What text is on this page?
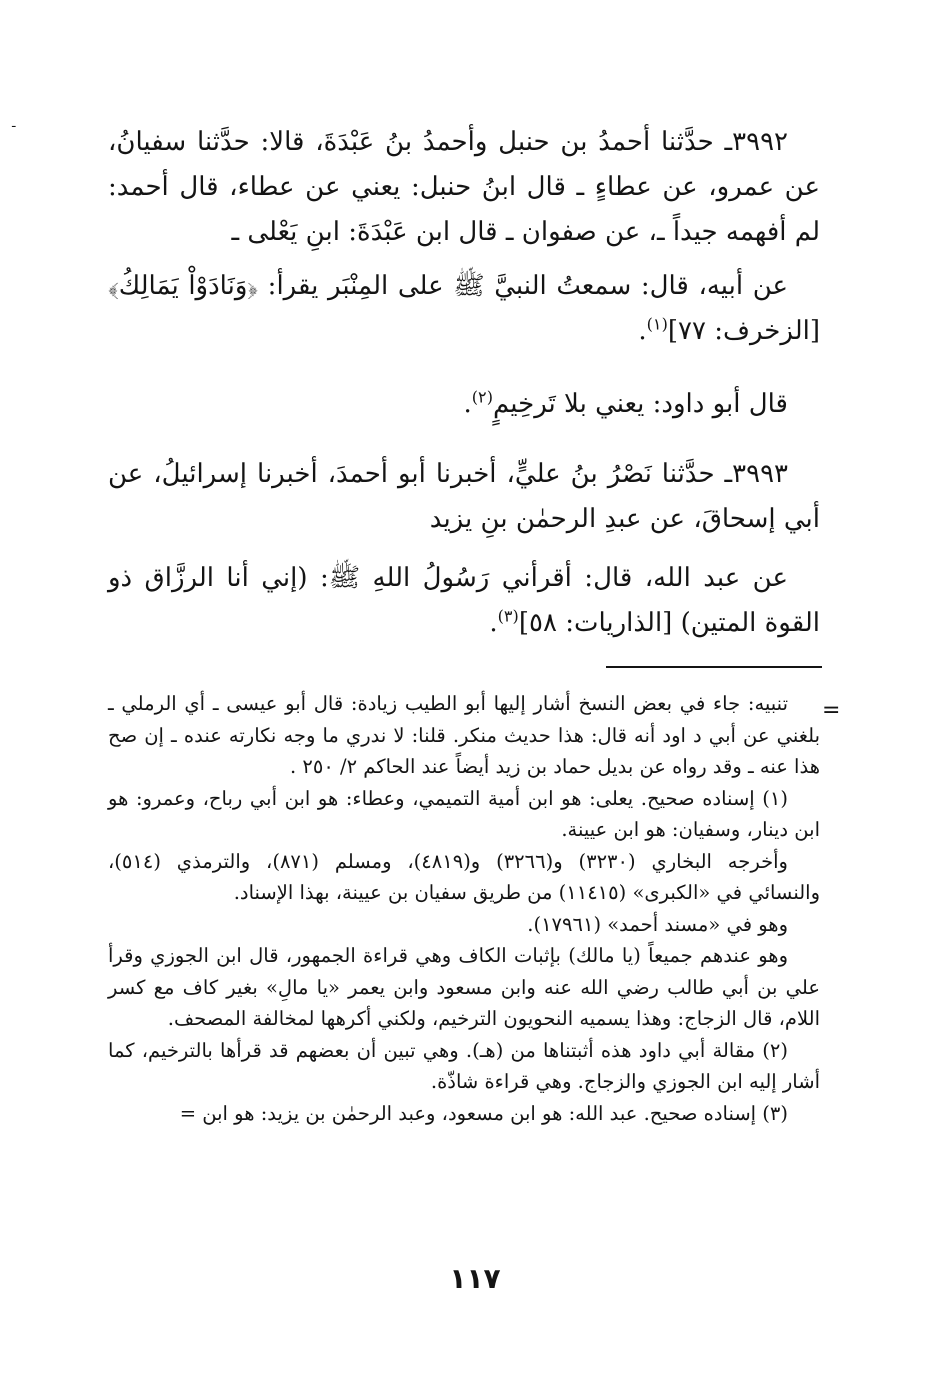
ـ

٣٩٩٢ـ حدَّثنا أحمدُ بن حنبل وأحمدُ بنُ عَبْدَةَ، قالا: حدَّثنا سفيانُ، عن عمرو، عن عطاءٍ ـ قال ابنُ حنبل: يعني عن عطاء، قال أحمد: لم أفهمه جيداً ـ، عن صفوان ـ قال ابن عَبْدَةَ: ابنِ يَعْلى ـ

عن أبيه، قال: سمعتُ النبيَّ ﷺ على المِنْبَر يقرأ: ﴿وَنَادَوْاْ يَمَالِكُ﴾ [الزخرف: ٧٧]$^{(١)}$.

قال أبو داود: يعني بلا تَرخِيمٍ$^{(٢)}$.

٣٩٩٣ـ حدَّثنا نَصْرُ بنُ عليٍّ، أخبرنا أبو أحمدَ، أخبرنا إسرائيلُ، عن أبي إسحاقَ، عن عبدِ الرحمٰن بنِ يزيد

عن عبد الله، قال: أقرأني رَسُولُ اللهِ ﷺ: (إني أنا الرزَّاق ذو القوة المتين) [الذاريات: ٥٨]$^{(٣)}$.

=

تنبيه: جاء في بعض النسخ أشار إليها أبو الطيب زيادة: قال أبو عيسى ـ أي الرملي ـ بلغني عن أبي د اود أنه قال: هذا حديث منكر. قلنا: لا ندري ما وجه نكارته عنده ـ إن صح هذا عنه ـ وقد رواه عن بديل حماد بن زيد أيضاً عند الحاكم ٢/ ٢٥٠ .

(١) إسناده صحيح. يعلى: هو ابن أمية التميمي، وعطاء: هو ابن أبي رباح، وعمرو: هو ابن دينار، وسفيان: هو ابن عيينة.

وأخرجه البخاري (٣٢٣٠) و(٣٢٦٦) و(٤٨١٩)، ومسلم (٨٧١)، والترمذي (٥١٤)، والنسائي في «الكبرى» (١١٤١٥) من طريق سفيان بن عيينة، بهذا الإسناد.

وهو في «مسند أحمد» (١٧٩٦١).

وهو عندهم جميعاً (يا مالك) بإثبات الكاف وهي قراءة الجمهور، قال ابن الجوزي وقرأ علي بن أبي طالب رضي الله عنه وابن مسعود وابن يعمر «يا مالِ» بغير كاف مع كسر اللام، قال الزجاج: وهذا يسميه النحويون الترخيم، ولكني أكرهها لمخالفة المصحف.

(٢) مقالة أبي داود هذه أثبتناها من (هـ). وهي تبين أن بعضهم قد قرأها بالترخيم، كما أشار إليه ابن الجوزي والزجاج. وهي قراءة شاذّة.

(٣) إسناده صحيح. عبد الله: هو ابن مسعود، وعبد الرحمٰن بن يزيد: هو ابن =

١١٧
